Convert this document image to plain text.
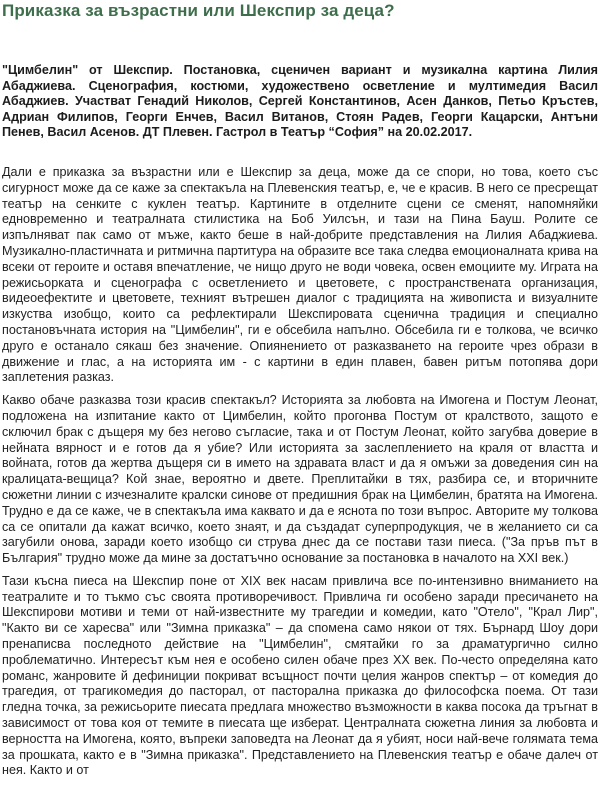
Приказка за възрастни или Шекспир за деца?

"Цимбелин" от Шекспир. Постановка, сценичен вариант и музикална картина Лилия Абаджиева. Сценография, костюми, художествено осветление и мултимедия Васил Абаджиев. Участват Генадий Николов, Сергей Константинов, Асен Данков, Петьо Кръстев, Адриан Филипов, Георги Енчев, Васил Витанов, Стоян Радев, Георги Кацарски, Антъни Пенев, Васил Асенов. ДТ Плевен. Гастрол в Театър “София” на 20.02.2017.

Дали е приказка за възрастни или е Шекспир за деца, може да се спори, но това, което със сигурност може да се каже за спектакъла на Плевенския театър, е, че е красив. В него се пресрещат театър на сенките с куклен театър. Картините в отделните сцени се сменят, напомняйки едновременно и театралната стилистика на Боб Уилсън, и тази на Пина Бауш. Ролите се изпълняват пак само от мъже, както беше в най-добрите представления на Лилия Абаджиева. Музикално-пластичната и ритмична партитура на образите все така следва емоционалната крива на всеки от героите и оставя впечатление, че нищо друго не води човека, освен емоциите му. Играта на режисьорката и сценографа с осветлението и цветовете, с пространствената организация, видеоефектите и цветовете, техният вътрешен диалог с традицията на живописта и визуалните изкуства изобщо, които са рефлектирали Шекспировата сценична традиция и специално постановъчната история на "Цимбелин", ги е обсебила напълно. Обсебила ги е толкова, че всичко друго е останало сякаш без значение. Опиянението от разказването на героите чрез образи в движение и глас, а на историята им - с картини в един плавен, бавен ритъм потопява дори заплетения разказ.

Какво обаче разказва този красив спектакъл? Историята за любовта на Имогена и Постум Леонат, подложена на изпитание както от Цимбелин, който прогонва Постум от кралството, защото е сключил брак с дъщеря му без негово съгласие, така и от Постум Леонат, който загубва доверие в нейната вярност и е готов да я убие? Или историята за заслеплението на краля от властта и войната, готов да жертва дъщеря си в името на здравата власт и да я омъжи за доведения син на кралицата-вещица? Кой знае, вероятно и двете. Преплитайки в тях, разбира се, и вторичните сюжетни линии с изчезналите кралски синове от предишния брак на Цимбелин, братята на Имогена. Трудно е да се каже, че в спектакъла има каквато и да е яснота по този въпрос. Авторите му толкова са се опитали да кажат всичко, което знаят, и да създадат суперпродукция, че в желанието си са загубили онова, заради което изобщо си струва днес да се постави тази пиеса. ("За пръв път в България" трудно може да мине за достатъчно основание за постановка в началото на XXI век.)

Тази късна пиеса на Шекспир поне от XIX век насам привлича все по-интензивно вниманието на театралите и то тъкмо със своята противоречивост. Привлича ги особено заради пресичането на Шекспирови мотиви и теми от най-известните му трагедии и комедии, като "Отело", "Крал Лир", "Както ви се харесва" или "Зимна приказка" – да спомена само някои от тях. Бърнард Шоу дори пренаписва последното действие на "Цимбелин", смятайки го за драматургично силно проблематично. Интересът към нея е особено силен обаче през XX век. По-често определяна като романс, жанровите й дефиниции покриват всъщност почти целия жанров спектър – от комедия до трагедия, от трагикомедия до пасторал, от пасторална приказка до философска поема. От тази гледна точка, за режисьорите пиесата предлага множество възможности в каква посока да тръгнат в зависимост от това коя от темите в пиесата ще изберат. Централната сюжетна линия за любовта и верността на Имогена, която, въпреки заповедта на Леонат да я убият, носи най-вече голямата тема за прошката, както е в "Зимна приказка". Представлението на Плевенския театър е обаче далеч от нея. Както и от
